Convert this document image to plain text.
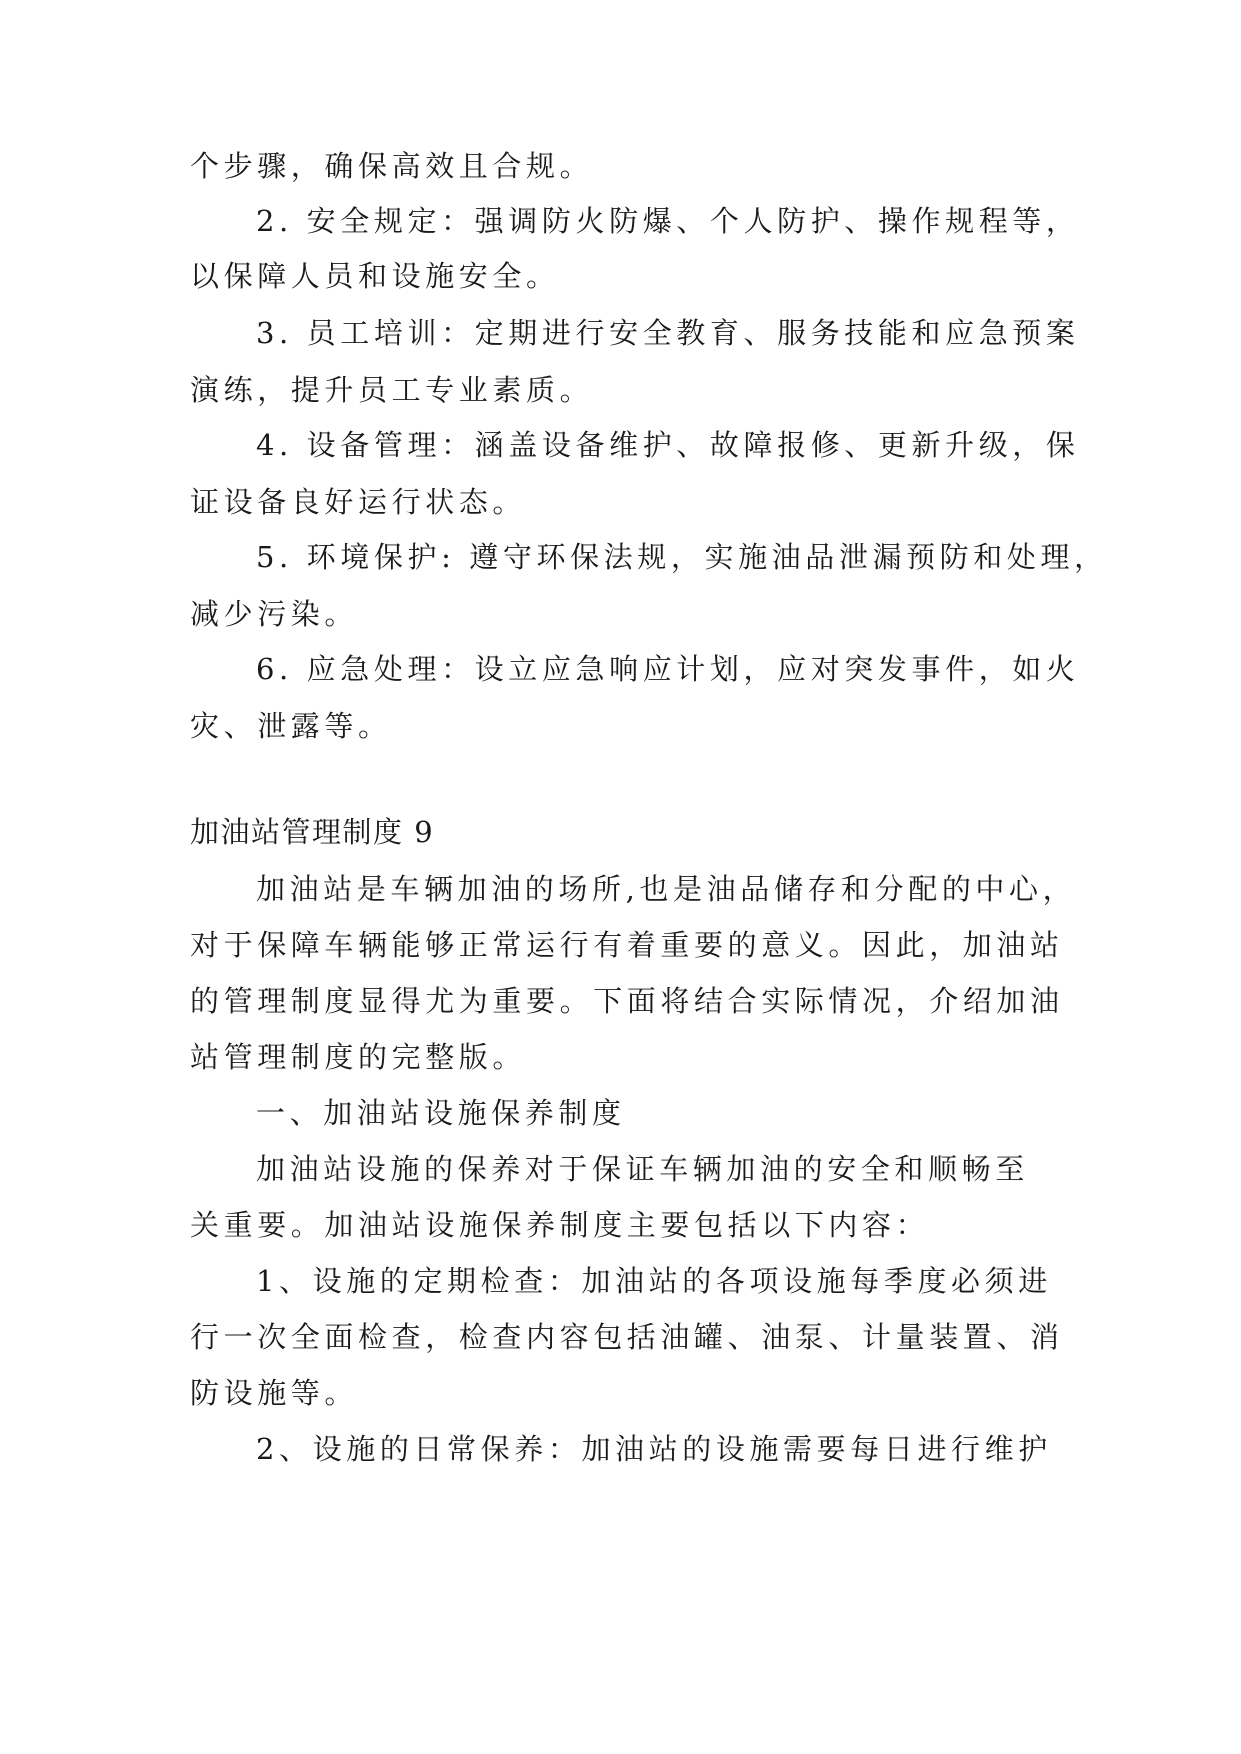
个步骤，确保高效且合规。
2. 安全规定：强调防火防爆、个人防护、操作规程等，
以保障人员和设施安全。
3. 员工培训：定期进行安全教育、服务技能和应急预案
演练，提升员工专业素质。
4. 设备管理：涵盖设备维护、故障报修、更新升级，保
证设备良好运行状态。
5. 环境保护: 遵守环保法规，实施油品泄漏预防和处理，
减少污染。
6. 应急处理：设立应急响应计划，应对突发事件，如火
灾、泄露等。
加油站管理制度 9
加油站是车辆加油的场所,也是油品储存和分配的中心，
对于保障车辆能够正常运行有着重要的意义。因此，加油站
的管理制度显得尤为重要。下面将结合实际情况，介绍加油
站管理制度的完整版。
一、加油站设施保养制度
加油站设施的保养对于保证车辆加油的安全和顺畅至
关重要。加油站设施保养制度主要包括以下内容：
1、设施的定期检查：加油站的各项设施每季度必须进
行一次全面检查，检查内容包括油罐、油泵、计量装置、消
防设施等。
2、设施的日常保养：加油站的设施需要每日进行维护
